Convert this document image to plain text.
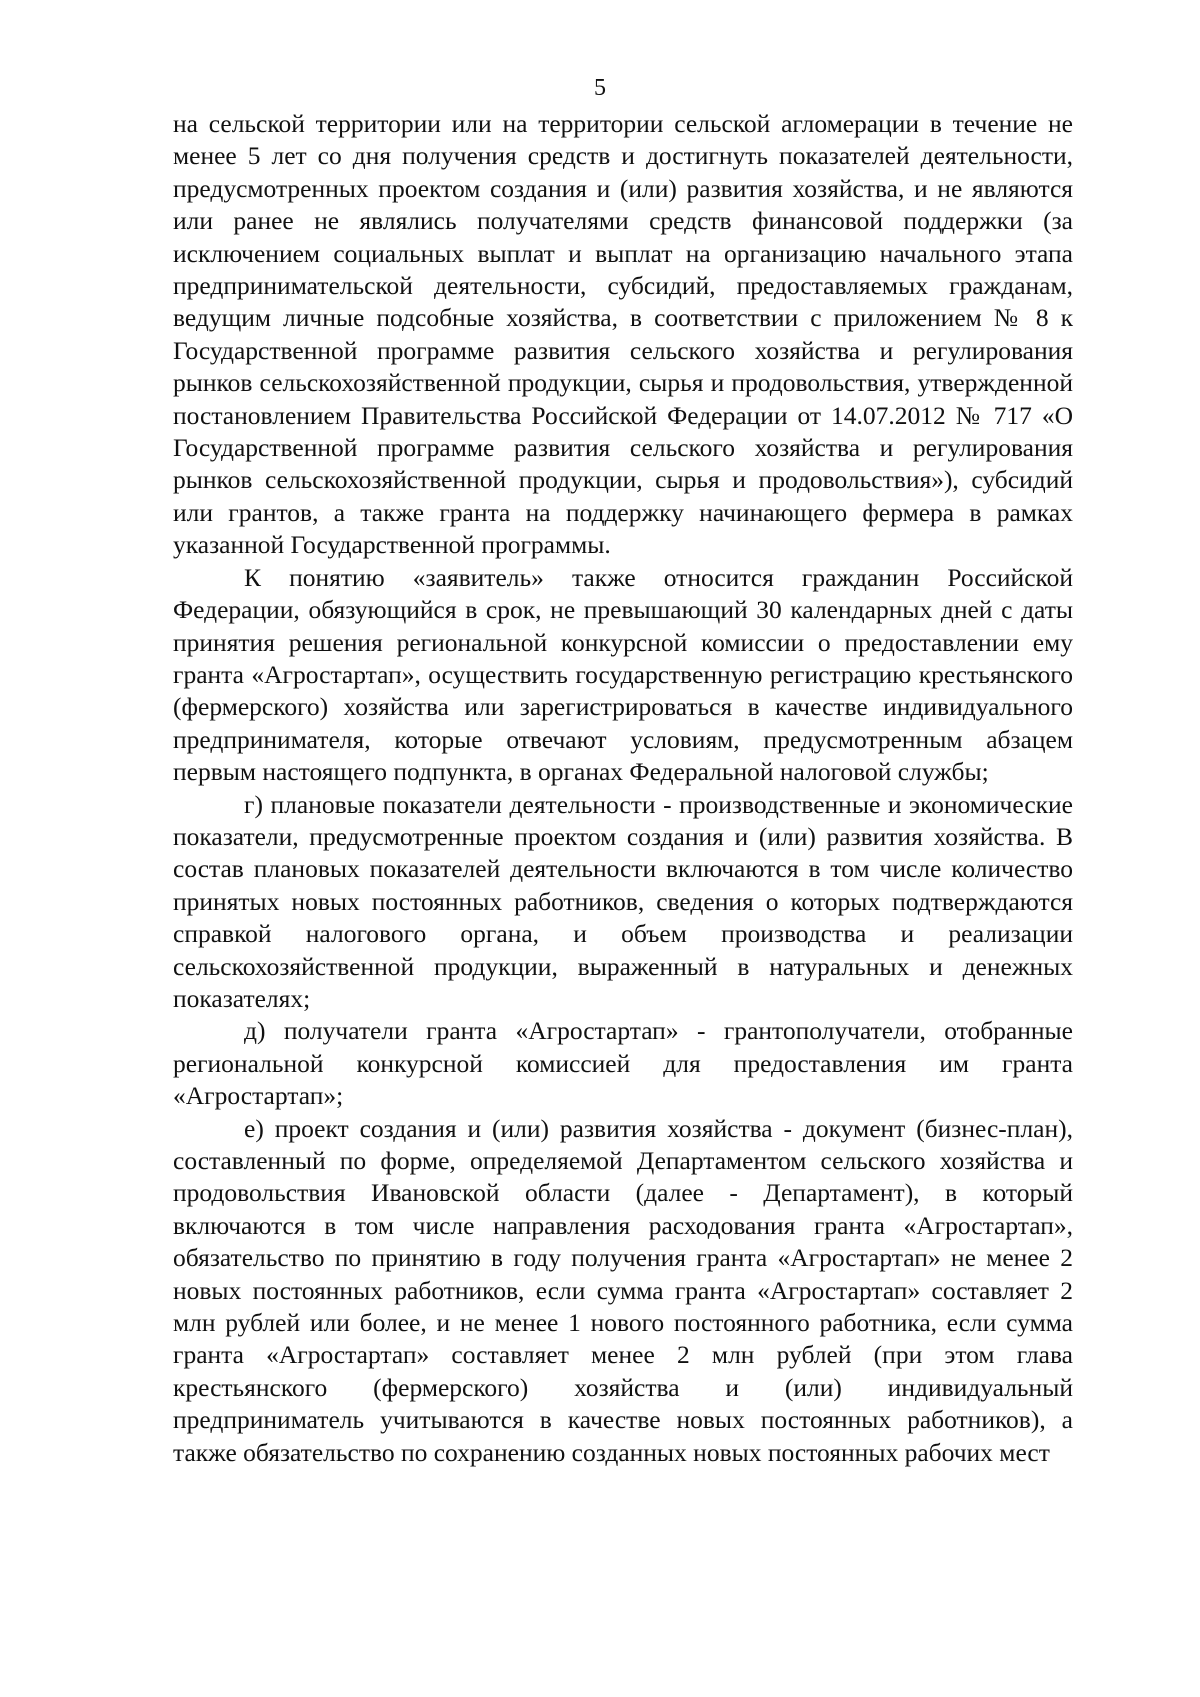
5

на сельской территории или на территории сельской агломерации в течение не менее 5 лет со дня получения средств и достигнуть показателей деятельности, предусмотренных проектом создания и (или) развития хозяйства, и не являются или ранее не являлись получателями средств финансовой поддержки (за исключением социальных выплат и выплат на организацию начального этапа предпринимательской деятельности, субсидий, предоставляемых гражданам, ведущим личные подсобные хозяйства, в соответствии с приложением № 8 к Государственной программе развития сельского хозяйства и регулирования рынков сельскохозяйственной продукции, сырья и продовольствия, утвержденной постановлением Правительства Российской Федерации от 14.07.2012 № 717 «О Государственной программе развития сельского хозяйства и регулирования рынков сельскохозяйственной продукции, сырья и продовольствия»), субсидий или грантов, а также гранта на поддержку начинающего фермера в рамках указанной Государственной программы.

К понятию «заявитель» также относится гражданин Российской Федерации, обязующийся в срок, не превышающий 30 календарных дней с даты принятия решения региональной конкурсной комиссии о предоставлении ему гранта «Агростартап», осуществить государственную регистрацию крестьянского (фермерского) хозяйства или зарегистрироваться в качестве индивидуального предпринимателя, которые отвечают условиям, предусмотренным абзацем первым настоящего подпункта, в органах Федеральной налоговой службы;

г) плановые показатели деятельности - производственные и экономические показатели, предусмотренные проектом создания и (или) развития хозяйства. В состав плановых показателей деятельности включаются в том числе количество принятых новых постоянных работников, сведения о которых подтверждаются справкой налогового органа, и объем производства и реализации сельскохозяйственной продукции, выраженный в натуральных и денежных показателях;

д) получатели гранта «Агростартап» - грантополучатели, отобранные региональной конкурсной комиссией для предоставления им гранта «Агростартап»;

е) проект создания и (или) развития хозяйства - документ (бизнес-план), составленный по форме, определяемой Департаментом сельского хозяйства и продовольствия Ивановской области (далее - Департамент), в который включаются в том числе направления расходования гранта «Агростартап», обязательство по принятию в году получения гранта «Агростартап» не менее 2 новых постоянных работников, если сумма гранта «Агростартап» составляет 2 млн рублей или более, и не менее 1 нового постоянного работника, если сумма гранта «Агростартап» составляет менее 2 млн рублей (при этом глава крестьянского (фермерского) хозяйства и (или) индивидуальный предприниматель учитываются в качестве новых постоянных работников), а также обязательство по сохранению созданных новых постоянных рабочих мест
